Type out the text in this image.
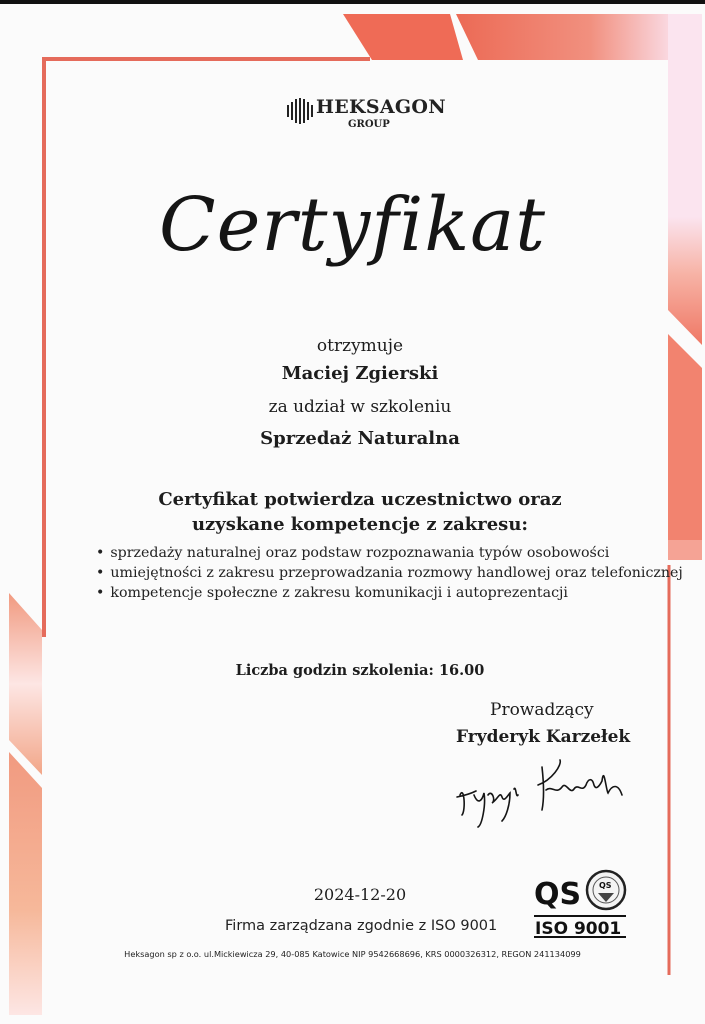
HEKSAGON
GROUP
Certyfikat
otrzymuje
Maciej Zgierski
za udział w szkoleniu
Sprzedaż Naturalna
Certyfikat potwierdza uczestnictwo oraz uzyskane kompetencje z zakresu:
• sprzedaży naturalnej oraz podstaw rozpoznawania typów osobowości
• umiejętności z zakresu przeprowadzania rozmowy handlowej oraz telefonicznej
• kompetencje społeczne z zakresu komunikacji i autoprezentacji
Liczba godzin szkolenia: 16.00
Prowadzący
Fryderyk Karzełek
2024-12-20
Firma zarządzana zgodnie z ISO 9001
QS QS
ISO 9001
Heksagon sp z o.o. ul.Mickiewicza 29, 40-085 Katowice NIP 9542668696, KRS 0000326312, REGON 241134099
